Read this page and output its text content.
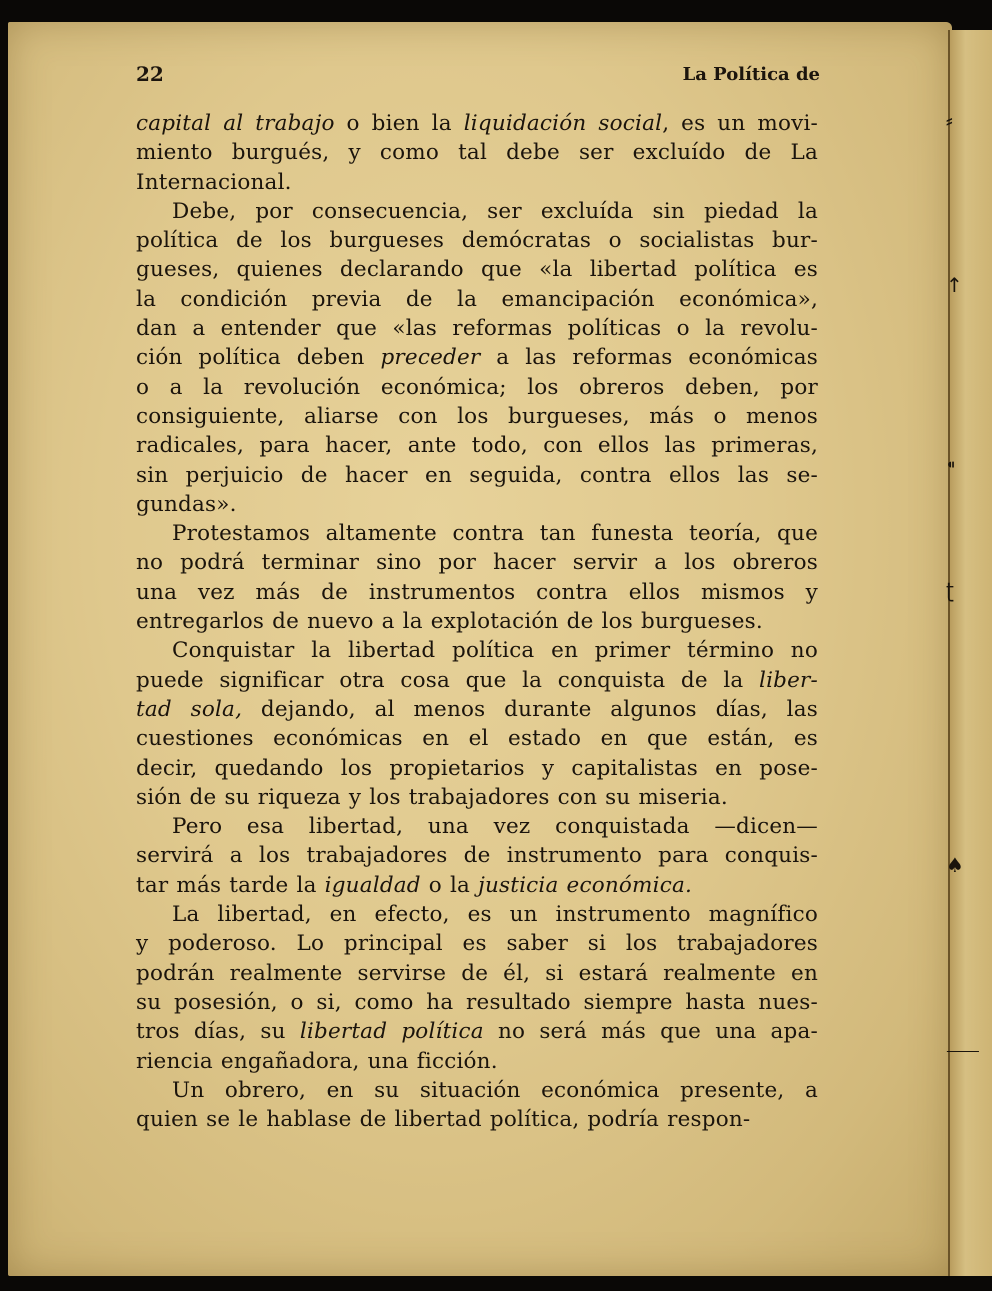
⸗
↑
⁌
ʈ
♠
⸺
22	La Política de
capital al trabajo o bien la liquidación social, es un movi-
miento burgués, y como tal debe ser excluído de La
Internacional.
Debe, por consecuencia, ser excluída sin piedad la
política de los burgueses demócratas o socialistas bur-
gueses, quienes declarando que «la libertad política es
la condición previa de la emancipación económica»,
dan a entender que «las reformas políticas o la revolu-
ción política deben preceder a las reformas económicas
o a la revolución económica; los obreros deben, por
consiguiente, aliarse con los burgueses, más o menos
radicales, para hacer, ante todo, con ellos las primeras,
sin perjuicio de hacer en seguida, contra ellos las se-
gundas».
Protestamos altamente contra tan funesta teoría, que
no podrá terminar sino por hacer servir a los obreros
una vez más de instrumentos contra ellos mismos y
entregarlos de nuevo a la explotación de los burgueses.
Conquistar la libertad política en primer término no
puede significar otra cosa que la conquista de la liber-
tad sola, dejando, al menos durante algunos días, las
cuestiones económicas en el estado en que están, es
decir, quedando los propietarios y capitalistas en pose-
sión de su riqueza y los trabajadores con su miseria.
Pero esa libertad, una vez conquistada —dicen—
servirá a los trabajadores de instrumento para conquis-
tar más tarde la igualdad o la justicia económica.
La libertad, en efecto, es un instrumento magnífico
y poderoso. Lo principal es saber si los trabajadores
podrán realmente servirse de él, si estará realmente en
su posesión, o si, como ha resultado siempre hasta nues-
tros días, su libertad política no será más que una apa-
riencia engañadora, una ficción.
Un obrero, en su situación económica presente, a
quien se le hablase de libertad política, podría respon-
